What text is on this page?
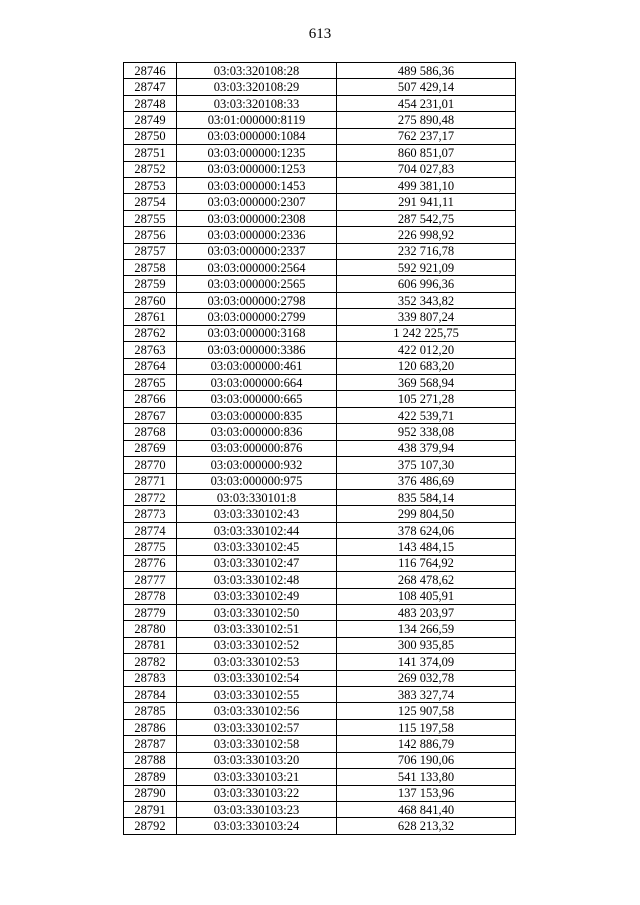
613
28746	03:03:320108:28	489 586,36
28747	03:03:320108:29	507 429,14
28748	03:03:320108:33	454 231,01
28749	03:01:000000:8119	275 890,48
28750	03:03:000000:1084	762 237,17
28751	03:03:000000:1235	860 851,07
28752	03:03:000000:1253	704 027,83
28753	03:03:000000:1453	499 381,10
28754	03:03:000000:2307	291 941,11
28755	03:03:000000:2308	287 542,75
28756	03:03:000000:2336	226 998,92
28757	03:03:000000:2337	232 716,78
28758	03:03:000000:2564	592 921,09
28759	03:03:000000:2565	606 996,36
28760	03:03:000000:2798	352 343,82
28761	03:03:000000:2799	339 807,24
28762	03:03:000000:3168	1 242 225,75
28763	03:03:000000:3386	422 012,20
28764	03:03:000000:461	120 683,20
28765	03:03:000000:664	369 568,94
28766	03:03:000000:665	105 271,28
28767	03:03:000000:835	422 539,71
28768	03:03:000000:836	952 338,08
28769	03:03:000000:876	438 379,94
28770	03:03:000000:932	375 107,30
28771	03:03:000000:975	376 486,69
28772	03:03:330101:8	835 584,14
28773	03:03:330102:43	299 804,50
28774	03:03:330102:44	378 624,06
28775	03:03:330102:45	143 484,15
28776	03:03:330102:47	116 764,92
28777	03:03:330102:48	268 478,62
28778	03:03:330102:49	108 405,91
28779	03:03:330102:50	483 203,97
28780	03:03:330102:51	134 266,59
28781	03:03:330102:52	300 935,85
28782	03:03:330102:53	141 374,09
28783	03:03:330102:54	269 032,78
28784	03:03:330102:55	383 327,74
28785	03:03:330102:56	125 907,58
28786	03:03:330102:57	115 197,58
28787	03:03:330102:58	142 886,79
28788	03:03:330103:20	706 190,06
28789	03:03:330103:21	541 133,80
28790	03:03:330103:22	137 153,96
28791	03:03:330103:23	468 841,40
28792	03:03:330103:24	628 213,32
